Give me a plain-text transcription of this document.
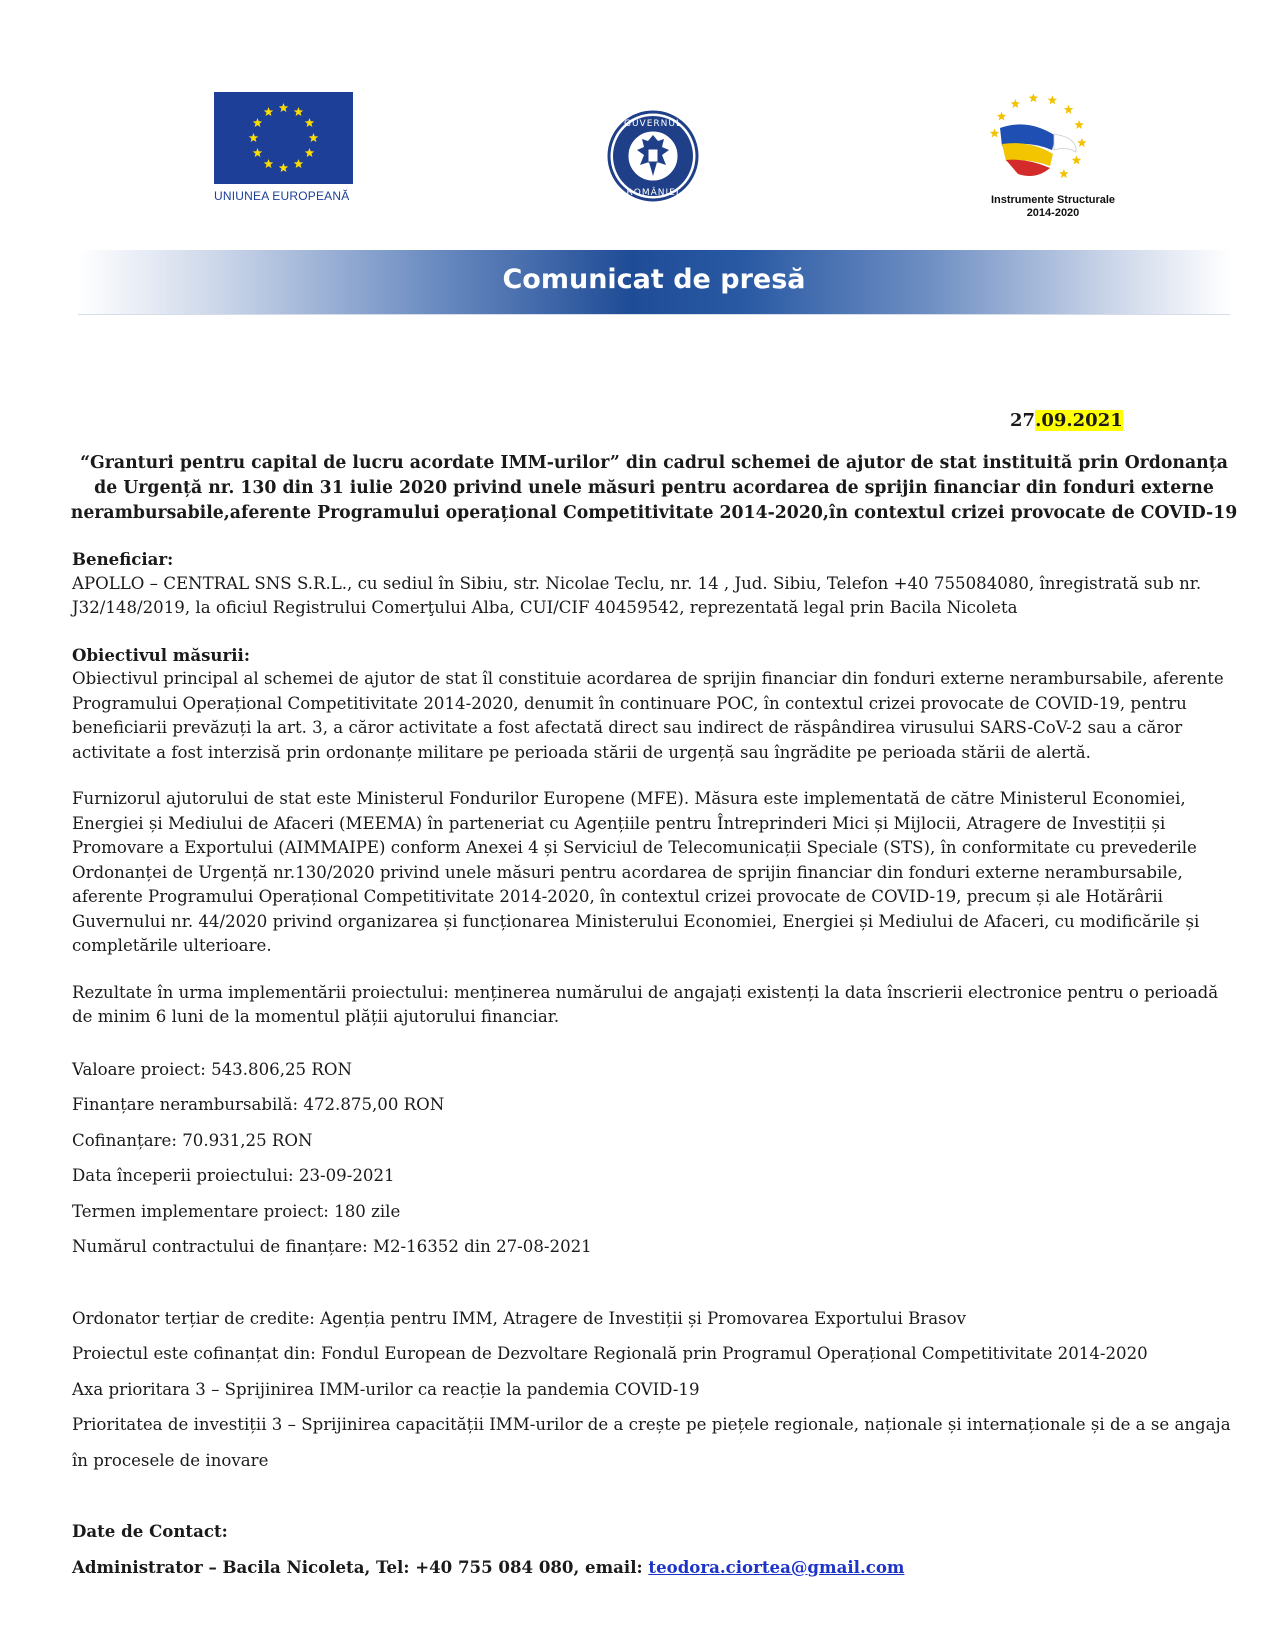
UNIUNEA EUROPEANĂ
GUVERNUL
ROMÂNIEI
Instrumente Structurale
2014-2020
Comunicat de presă
27.09.2021
“Granturi pentru capital de lucru acordate IMM-urilor” din cadrul schemei de ajutor de stat instituită prin Ordonanța de Urgență nr. 130 din 31 iulie 2020 privind unele măsuri pentru acordarea de sprijin financiar din fonduri externe nerambursabile,aferente Programului operațional Competitivitate 2014-2020,în contextul crizei provocate de COVID-19

Beneficiar:

APOLLO – CENTRAL SNS S.R.L., cu sediul în Sibiu, str. Nicolae Teclu, nr. 14 , Jud. Sibiu, Telefon +40 755084080, înregistrată sub nr. J32/148/2019, la oficiul Registrului Comerţului Alba, CUI/CIF 40459542, reprezentată legal prin Bacila Nicoleta

Obiectivul măsurii:

Obiectivul principal al schemei de ajutor de stat îl constituie acordarea de sprijin financiar din fonduri externe nerambursabile, aferente Programului Operațional Competitivitate 2014-2020, denumit în continuare POC, în contextul crizei provocate de COVID-19, pentru beneficiarii prevăzuți la art. 3, a căror activitate a fost afectată direct sau indirect de răspândirea virusului SARS-CoV-2 sau a căror activitate a fost interzisă prin ordonanțe militare pe perioada stării de urgență sau îngrădite pe perioada stării de alertă.

Furnizorul ajutorului de stat este Ministerul Fondurilor Europene (MFE). Măsura este implementată de către Ministerul Economiei, Energiei și Mediului de Afaceri (MEEMA) în parteneriat cu Agențiile pentru Întreprinderi Mici și Mijlocii, Atragere de Investiții și Promovare a Exportului (AIMMAIPE) conform Anexei 4 și Serviciul de Telecomunicații Speciale (STS), în conformitate cu prevederile Ordonanței de Urgență nr.130/2020 privind unele măsuri pentru acordarea de sprijin financiar din fonduri externe nerambursabile, aferente Programului Operațional Competitivitate 2014-2020, în contextul crizei provocate de COVID-19, precum și ale Hotărârii Guvernului nr. 44/2020 privind organizarea și funcționarea Ministerului Economiei, Energiei și Mediului de Afaceri, cu modificările și completările ulterioare.

Rezultate în urma implementării proiectului: menținerea numărului de angajați existenți la data înscrierii electronice pentru o perioadă de minim 6 luni de la momentul plății ajutorului financiar.

Valoare proiect: 543.806,25 RON

Finanțare nerambursabilă: 472.875,00 RON

Cofinanțare: 70.931,25 RON

Data începerii proiectului: 23-09-2021

Termen implementare proiect: 180 zile

Numărul contractului de finanțare: M2-16352 din 27-08-2021

Ordonator terțiar de credite: Agenția pentru IMM, Atragere de Investiții și Promovarea Exportului Brasov

Proiectul este cofinanțat din: Fondul European de Dezvoltare Regională prin Programul Operațional Competitivitate 2014-2020

Axa prioritara 3 – Sprijinirea IMM-urilor ca reacție la pandemia COVID-19

Prioritatea de investiții 3 – Sprijinirea capacității IMM-urilor de a crește pe piețele regionale, naționale și internaționale și de a se angaja în procesele de inovare

Date de Contact:

Administrator – Bacila Nicoleta, Tel: +40 755 084 080, email: teodora.ciortea@gmail.com
